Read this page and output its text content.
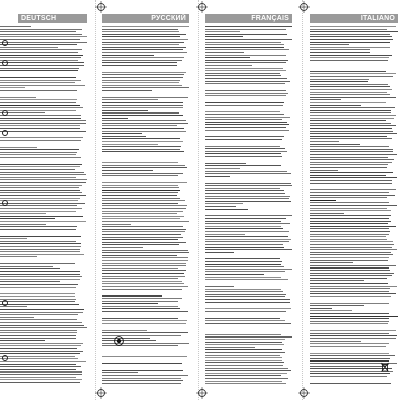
DEUTSCH	РУССКИЙ	FRANÇAIS	ITALIANO
